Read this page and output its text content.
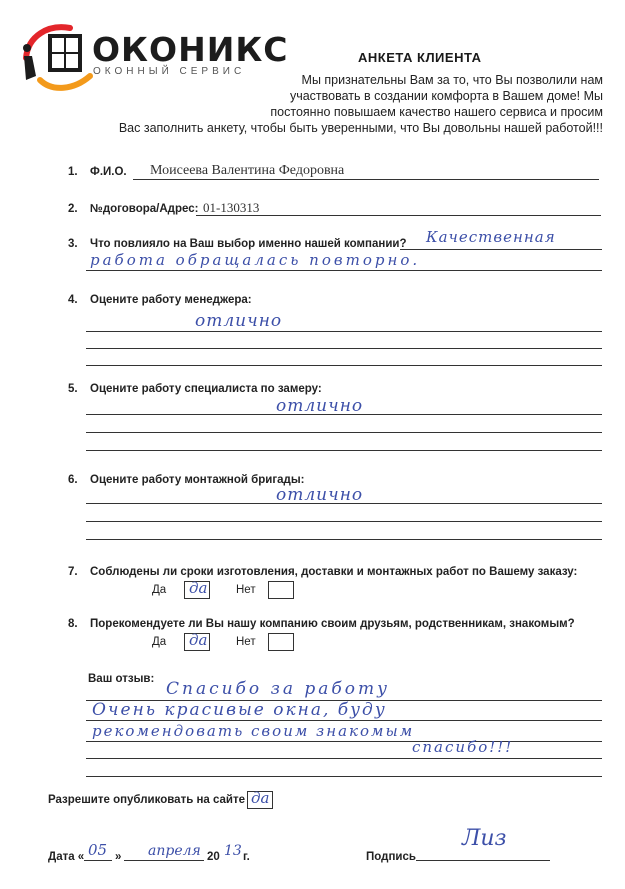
ОКОНИКС
ОКОННЫЙ СЕРВИС
АНКЕТА КЛИЕНТА
Мы признательны Вам за то, что Вы позволили нам
участвовать в создании комфорта в Вашем доме! Мы
постоянно повышаем качество нашего сервиса и просим
Вас заполнить анкету, чтобы быть уверенными, что Вы довольны нашей работой!!!
1. Ф.И.О. Моисеева Валентина Федоровна
2. №договора/Адрес: 01-130313
3. Что повлияло на Ваш выбор именно нашей компании? Качественная
работа обращалась повторно.
4. Оцените работу менеджера:
отлично
5. Оцените работу специалиста по замеру:
отлично
6. Оцените работу монтажной бригады:
отлично
7. Соблюдены ли сроки изготовления, доставки и монтажных работ по Вашему заказу:
Да да Нет
8. Порекомендуете ли Вы нашу компанию своим друзьям, родственникам, знакомым?
Да да Нет
Ваш отзыв: Спасибо за работу
Очень красивые окна, буду
рекомендовать своим знакомым
спасибо!!!
Разрешите опубликовать на сайте да
Дата « 05 » апреля 20 13 г.	Подпись
Лиз
